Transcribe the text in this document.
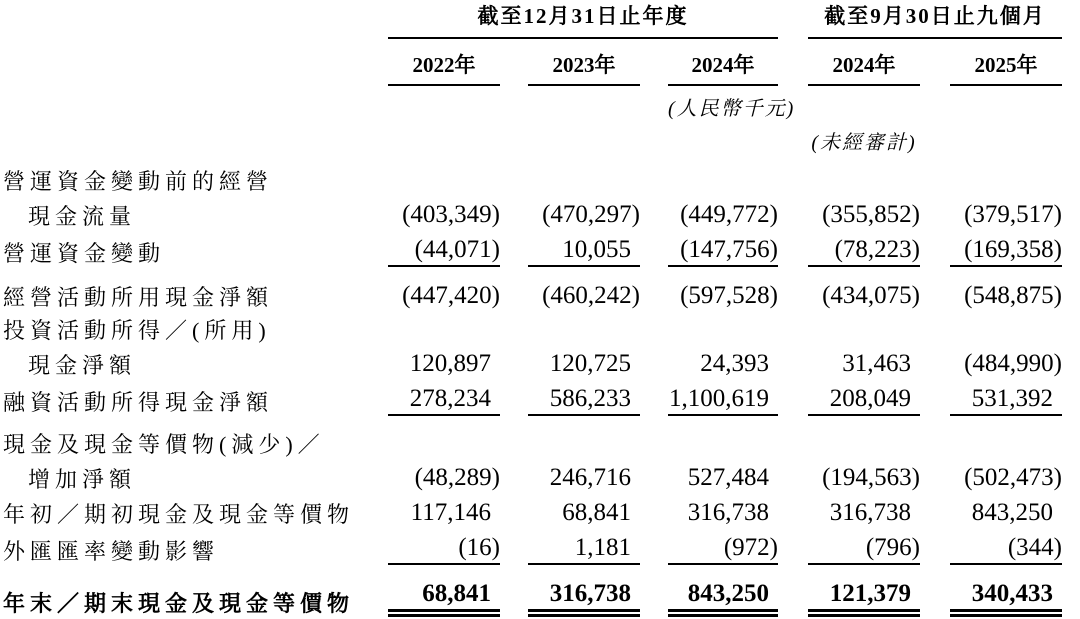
	截至12月31日止年度			截至9月30日止九個月	

	2022年	2023年	2024年	2024年	2025年

			(人民幣千元)		

				(未經審計)	

營運資金變動前的經營	

現金流量	(403,349)	(470,297)	(449,772)	(355,852)	(379,517)

營運資金變動	(44,071)	10,055	(147,756)	(78,223)	(169,358)

經營活動所用現金淨額	(447,420)	(460,242)	(597,528)	(434,075)	(548,875)

投資活動所得／(所用)	

現金淨額	120,897	120,725	24,393	31,463	(484,990)

融資活動所得現金淨額	278,234	586,233	1,100,619	208,049	531,392

現金及現金等價物(減少)／	

增加淨額	(48,289)	246,716	527,484	(194,563)	(502,473)

年初／期初現金及現金等價物	117,146	68,841	316,738	316,738	843,250

外匯匯率變動影響	(16)	1,181	(972)	(796)	(344)

年末／期末現金及現金等價物	68,841	316,738	843,250	121,379	340,433
